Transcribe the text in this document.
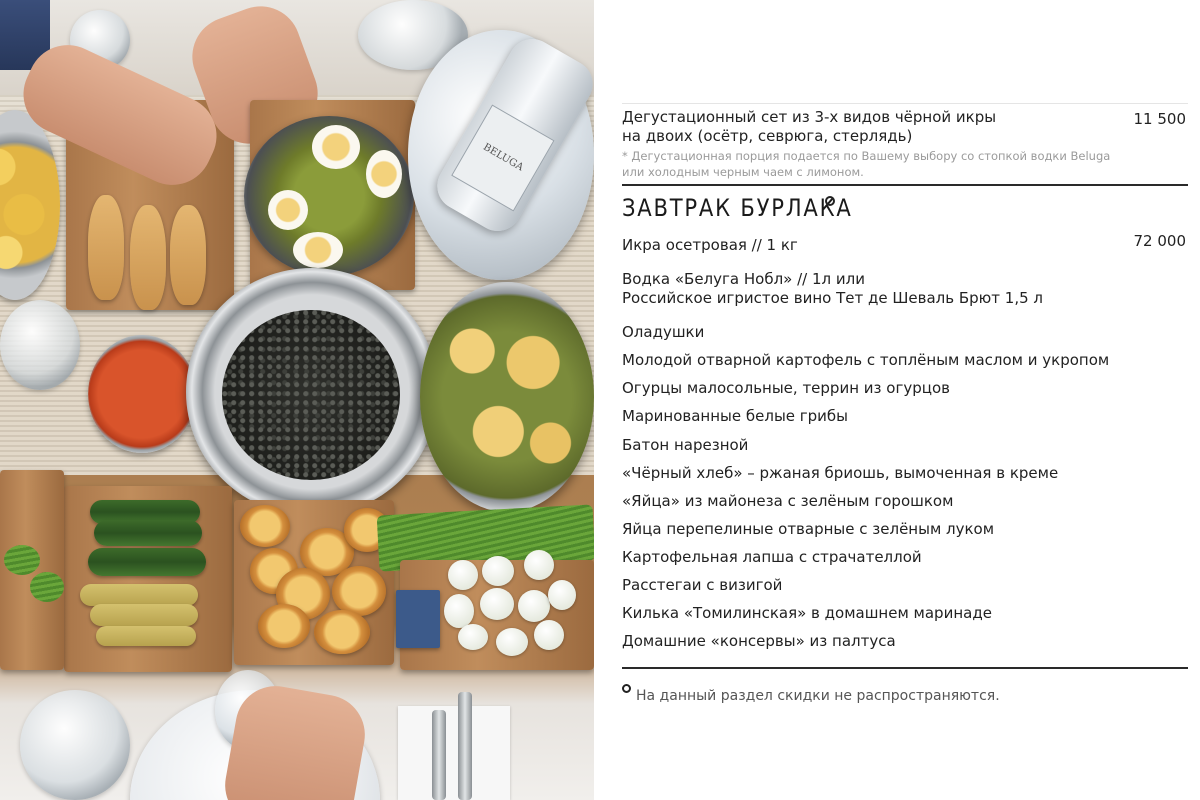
BELUGA
Дегустационный сет из 3-х видов чёрной икры
на двоих (осётр, севрюга, стерлядь)
11 500
* Дегустационная порция подается по Вашему выбору со стопкой водки Beluga
или холодным черным чаем с лимоном.
ЗАВТРАК БУРЛАКА
Икра осетровая // 1 кг	72 000
Водка «Белуга Нобл» // 1л или
Российское игристое вино Тет де Шеваль Брют 1,5 л
Оладушки
Молодой отварной картофель с топлёным маслом и укропом
Огурцы малосольные, террин из огурцов
Маринованные белые грибы
Батон нарезной
«Чёрный хлеб» – ржаная бриошь, вымоченная в креме
«Яйца» из майонеза с зелёным горошком
Яйца перепелиные отварные с зелёным луком
Картофельная лапша с страчателлой
Расстегаи с визигой
Килька «Томилинская» в домашнем маринаде
Домашние «консервы» из палтуса
На данный раздел скидки не распространяются.
